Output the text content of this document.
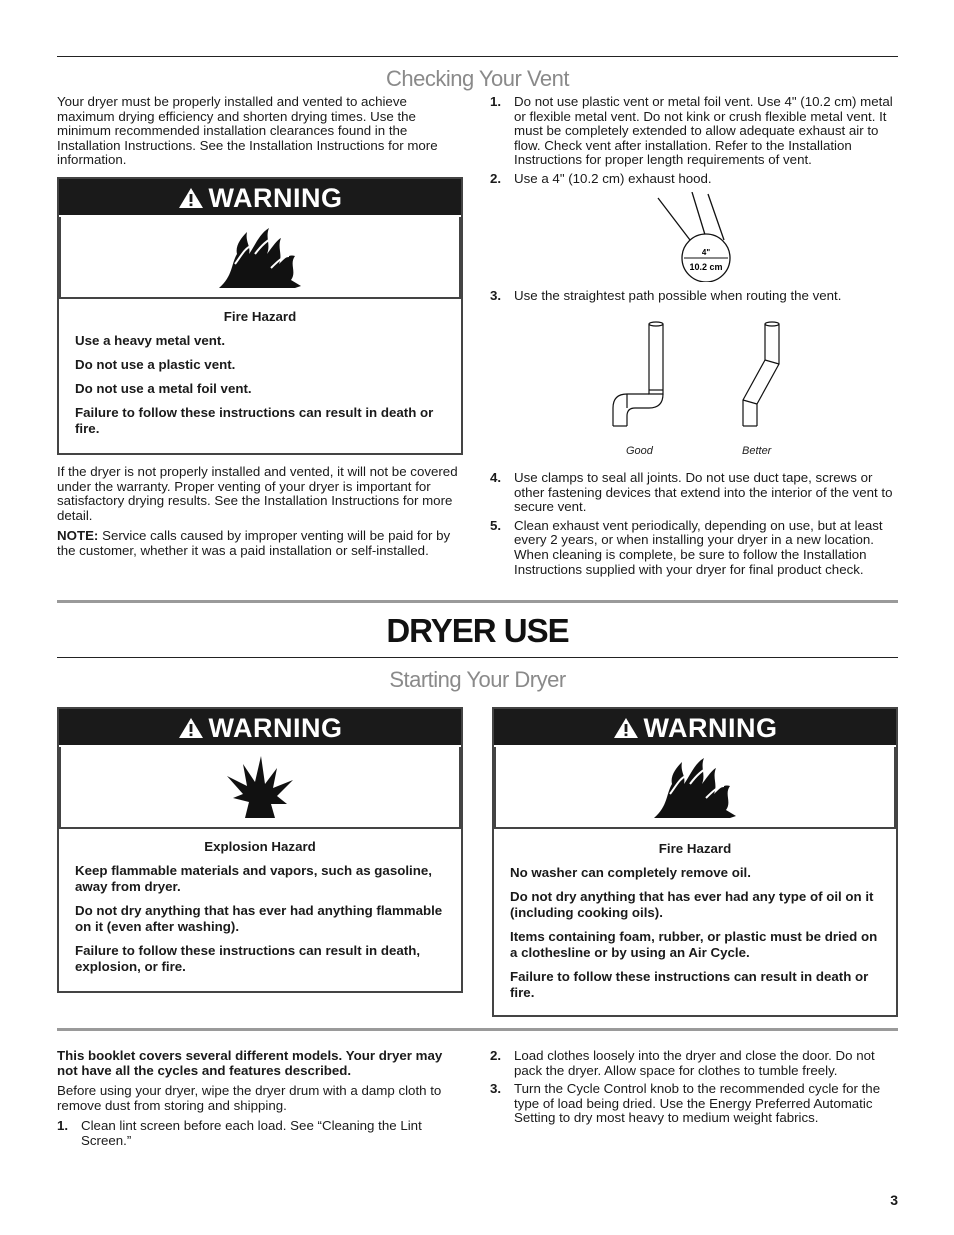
Checking Your Vent

Your dryer must be properly installed and vented to achieve maximum drying efficiency and shorten drying times. Use the minimum recommended installation clearances found in the Installation Instructions. See the Installation Instructions for more information.

WARNING
Fire Hazard
Use a heavy metal vent.
Do not use a plastic vent.
Do not use a metal foil vent.
Failure to follow these instructions can result in death or fire.

If the dryer is not properly installed and vented, it will not be covered under the warranty. Proper venting of your dryer is important for satisfactory drying results. See the Installation Instructions for more detail.

NOTE: Service calls caused by improper venting will be paid for by the customer, whether it was a paid installation or self-installed.

1. Do not use plastic vent or metal foil vent. Use 4" (10.2 cm) metal or flexible metal vent. Do not kink or crush flexible metal vent. It must be completely extended to allow adequate exhaust air to flow. Check vent after installation. Refer to the Installation Instructions for proper length requirements of vent.
2. Use a 4" (10.2 cm) exhaust hood.
4"
10.2 cm
3. Use the straightest path possible when routing the vent.
Good	Better
4. Use clamps to seal all joints. Do not use duct tape, screws or other fastening devices that extend into the interior of the vent to secure vent.
5. Clean exhaust vent periodically, depending on use, but at least every 2 years, or when installing your dryer in a new location. When cleaning is complete, be sure to follow the Installation Instructions supplied with your dryer for final product check.
DRYER USE
Starting Your Dryer
WARNING
Explosion Hazard
Keep flammable materials and vapors, such as gasoline, away from dryer.
Do not dry anything that has ever had anything flammable on it (even after washing).
Failure to follow these instructions can result in death, explosion, or fire.
WARNING
Fire Hazard
No washer can completely remove oil.
Do not dry anything that has ever had any type of oil on it (including cooking oils).
Items containing foam, rubber, or plastic must be dried on a clothesline or by using an Air Cycle.
Failure to follow these instructions can result in death or fire.

This booklet covers several different models. Your dryer may not have all the cycles and features described.

Before using your dryer, wipe the dryer drum with a damp cloth to remove dust from storing and shipping.

1. Clean lint screen before each load. See “Cleaning the Lint Screen.”
2. Load clothes loosely into the dryer and close the door. Do not pack the dryer. Allow space for clothes to tumble freely.
3. Turn the Cycle Control knob to the recommended cycle for the type of load being dried. Use the Energy Preferred Automatic Setting to dry most heavy to medium weight fabrics.
3
